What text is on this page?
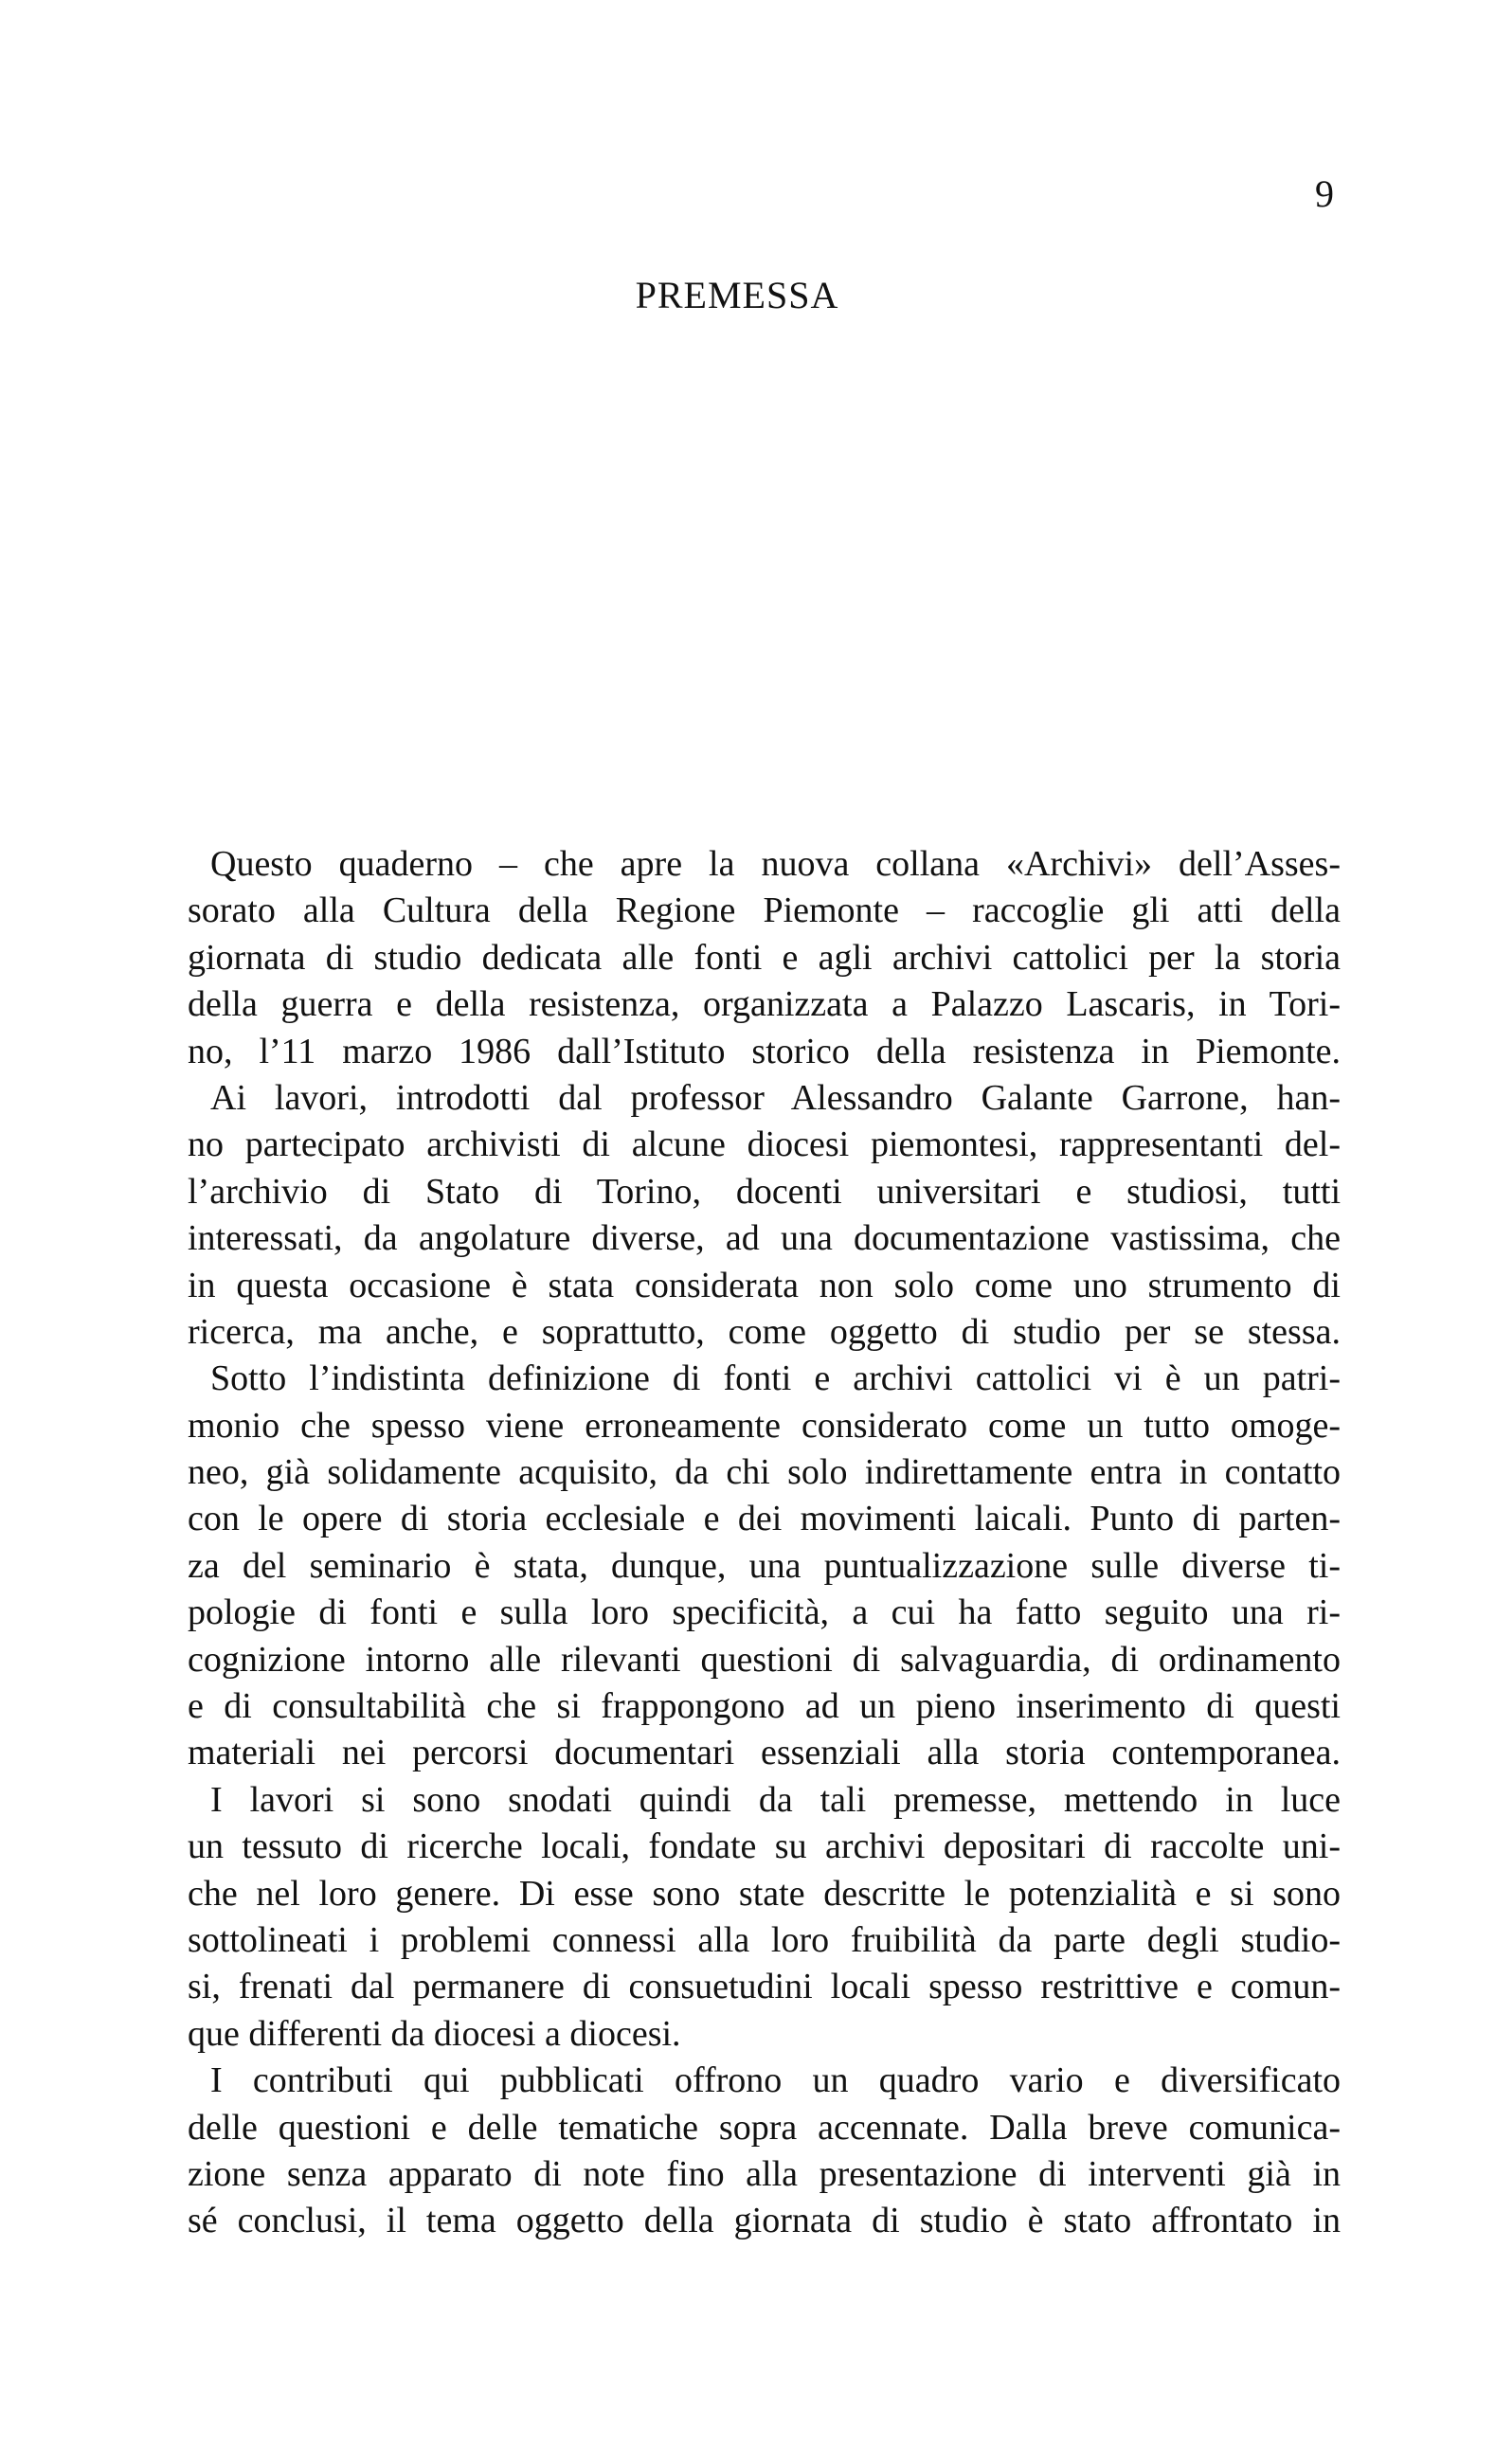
9
PREMESSA
Questo quaderno – che apre la nuova collana «Archivi» dell’Asses-
sorato alla Cultura della Regione Piemonte – raccoglie gli atti della
giornata di studio dedicata alle fonti e agli archivi cattolici per la storia
della guerra e della resistenza, organizzata a Palazzo Lascaris, in Tori-
no, l’11 marzo 1986 dall’Istituto storico della resistenza in Piemonte.
Ai lavori, introdotti dal professor Alessandro Galante Garrone, han-
no partecipato archivisti di alcune diocesi piemontesi, rappresentanti del-
l’archivio di Stato di Torino, docenti universitari e studiosi, tutti
interessati, da angolature diverse, ad una documentazione vastissima, che
in questa occasione è stata considerata non solo come uno strumento di
ricerca, ma anche, e soprattutto, come oggetto di studio per se stessa.
Sotto l’indistinta definizione di fonti e archivi cattolici vi è un patri-
monio che spesso viene erroneamente considerato come un tutto omoge-
neo, già solidamente acquisito, da chi solo indirettamente entra in contatto
con le opere di storia ecclesiale e dei movimenti laicali. Punto di parten-
za del seminario è stata, dunque, una puntualizzazione sulle diverse ti-
pologie di fonti e sulla loro specificità, a cui ha fatto seguito una ri-
cognizione intorno alle rilevanti questioni di salvaguardia, di ordinamento
e di consultabilità che si frappongono ad un pieno inserimento di questi
materiali nei percorsi documentari essenziali alla storia contemporanea.
I lavori si sono snodati quindi da tali premesse, mettendo in luce
un tessuto di ricerche locali, fondate su archivi depositari di raccolte uni-
che nel loro genere. Di esse sono state descritte le potenzialità e si sono
sottolineati i problemi connessi alla loro fruibilità da parte degli studio-
si, frenati dal permanere di consuetudini locali spesso restrittive e comun-
que differenti da diocesi a diocesi.
I contributi qui pubblicati offrono un quadro vario e diversificato
delle questioni e delle tematiche sopra accennate. Dalla breve comunica-
zione senza apparato di note fino alla presentazione di interventi già in
sé conclusi, il tema oggetto della giornata di studio è stato affrontato in
